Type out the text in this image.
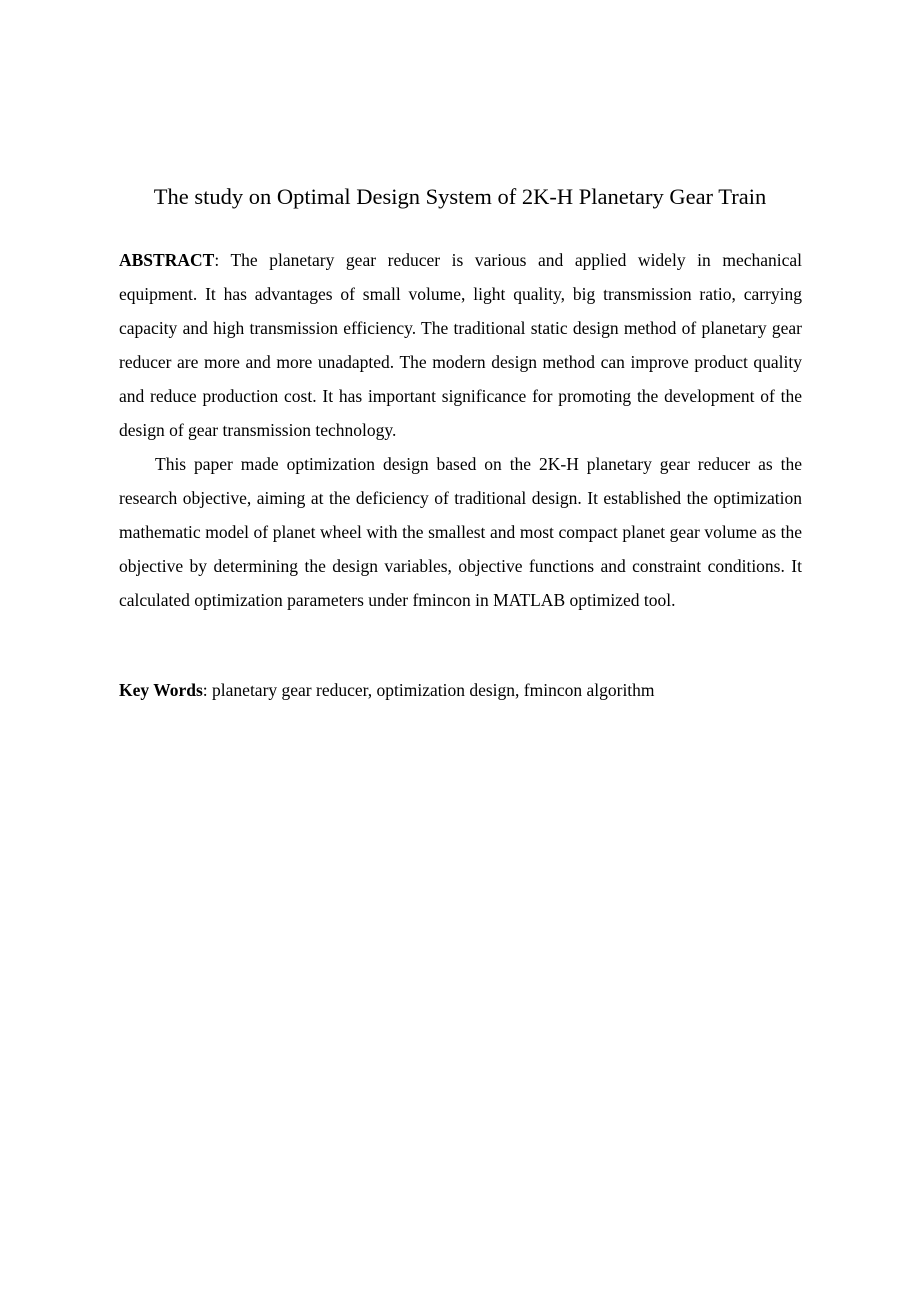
The study on Optimal Design System of 2K-H Planetary Gear Train

ABSTRACT: The planetary gear reducer is various and applied widely in mechanical equipment. It has advantages of small volume, light quality, big transmission ratio, carrying capacity and high transmission efficiency. The traditional static design method of planetary gear reducer are more and more unadapted. The modern design method can improve product quality and reduce production cost. It has important significance for promoting the development of the design of gear transmission technology.

This paper made optimization design based on the 2K-H planetary gear reducer as the research objective, aiming at the deficiency of traditional design. It established the optimization mathematic model of planet wheel with the smallest and most compact planet gear volume as the objective by determining the design variables, objective functions and constraint conditions. It calculated optimization parameters under fmincon in MATLAB optimized tool.

Key Words: planetary gear reducer, optimization design, fmincon algorithm
